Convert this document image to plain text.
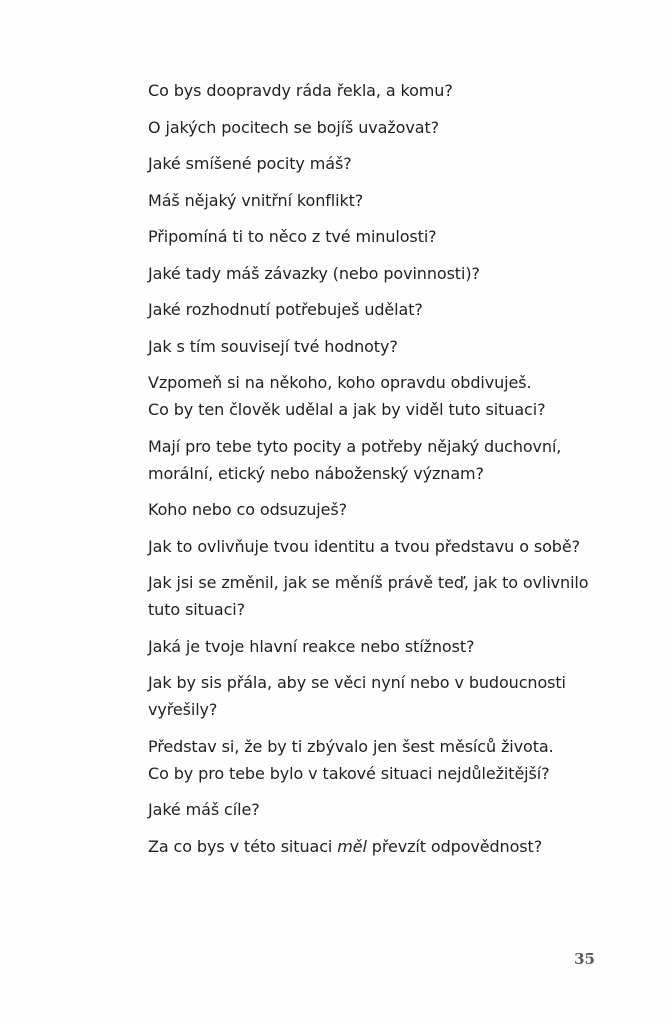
Co bys doopravdy ráda řekla, a komu?
O jakých pocitech se bojíš uvažovat?
Jaké smíšené pocity máš?
Máš nějaký vnitřní konflikt?
Připomíná ti to něco z tvé minulosti?
Jaké tady máš závazky (nebo povinnosti)?
Jaké rozhodnutí potřebuješ udělat?
Jak s tím souvisejí tvé hodnoty?
Vzpomeň si na někoho, koho opravdu obdivuješ.
Co by ten člověk udělal a jak by viděl tuto situaci?
Mají pro tebe tyto pocity a potřeby nějaký duchovní,
morální, etický nebo náboženský význam?
Koho nebo co odsuzuješ?
Jak to ovlivňuje tvou identitu a tvou představu o sobě?
Jak jsi se změnil, jak se měníš právě teď, jak to ovlivnilo
tuto situaci?
Jaká je tvoje hlavní reakce nebo stížnost?
Jak by sis přála, aby se věci nyní nebo v budoucnosti
vyřešily?
Představ si, že by ti zbývalo jen šest měsíců života.
Co by pro tebe bylo v takové situaci nejdůležitější?
Jaké máš cíle?
Za co bys v této situaci měl převzít odpovědnost?
35
